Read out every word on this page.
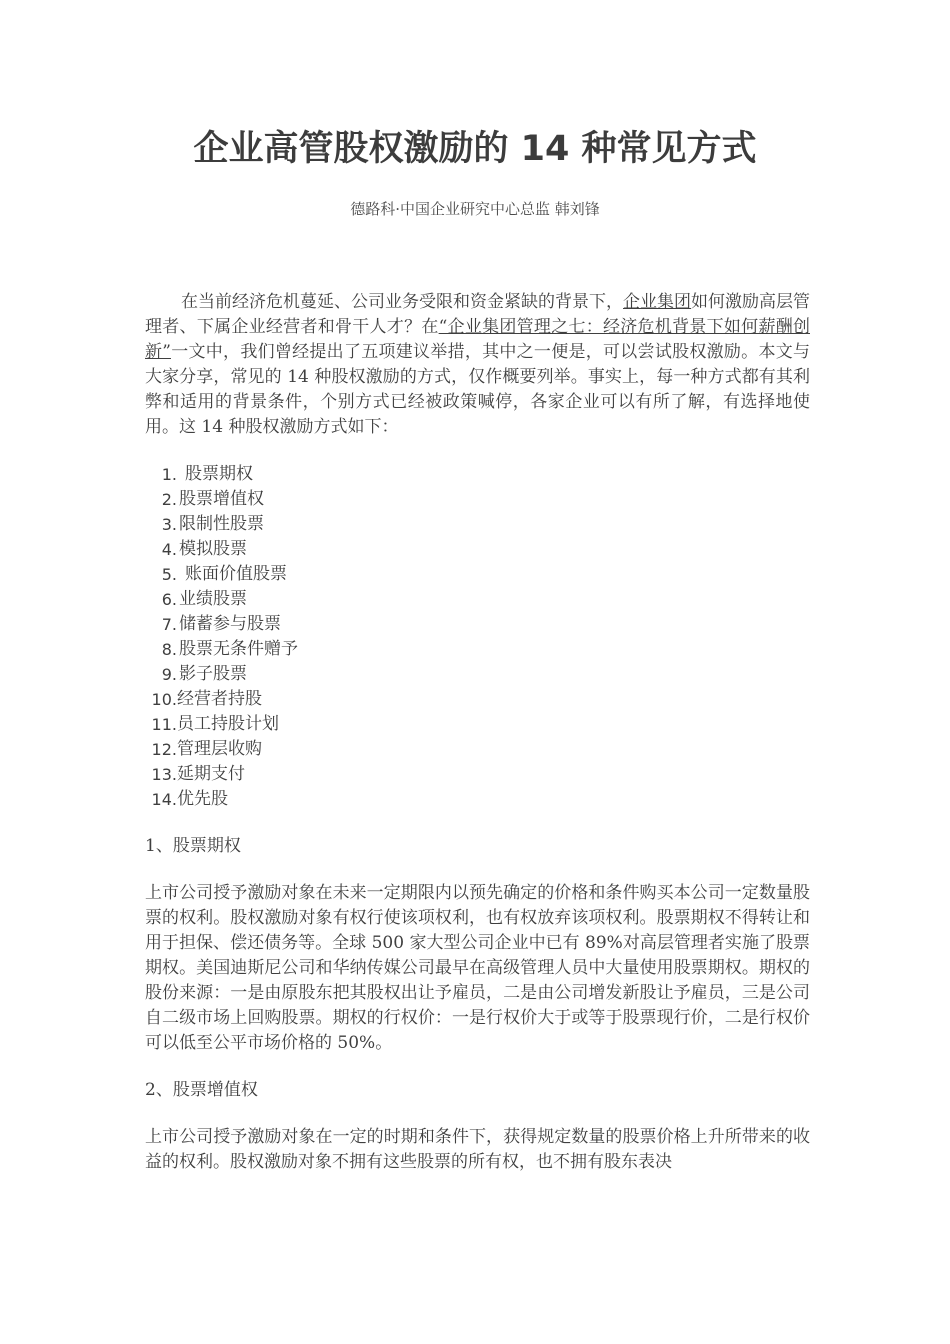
企业高管股权激励的 14 种常见方式

德路科·中国企业研究中心总监 韩刘锋

在当前经济危机蔓延、公司业务受限和资金紧缺的背景下，企业集团如何激励高层管理者、下属企业经营者和骨干人才？在“企业集团管理之七：经济危机背景下如何薪酬创新”一文中，我们曾经提出了五项建议举措，其中之一便是，可以尝试股权激励。本文与大家分享，常见的 14 种股权激励的方式，仅作概要列举。事实上，每一种方式都有其利弊和适用的背景条件，个别方式已经被政策喊停，各家企业可以有所了解，有选择地使用。这 14 种股权激励方式如下：

1. 股票期权
2. 股票增值权
3. 限制性股票
4. 模拟股票
5. 账面价值股票
6. 业绩股票
7. 储蓄参与股票
8. 股票无条件赠予
9. 影子股票
10. 经营者持股
11. 员工持股计划
12. 管理层收购
13. 延期支付
14. 优先股

1、股票期权

上市公司授予激励对象在未来一定期限内以预先确定的价格和条件购买本公司一定数量股票的权利。股权激励对象有权行使该项权利，也有权放弃该项权利。股票期权不得转让和用于担保、偿还债务等。全球 500 家大型公司企业中已有 89%对高层管理者实施了股票期权。美国迪斯尼公司和华纳传媒公司最早在高级管理人员中大量使用股票期权。期权的股份来源：一是由原股东把其股权出让予雇员，二是由公司增发新股让予雇员，三是公司自二级市场上回购股票。期权的行权价：一是行权价大于或等于股票现行价，二是行权价可以低至公平市场价格的 50%。

2、股票增值权

上市公司授予激励对象在一定的时期和条件下，获得规定数量的股票价格上升所带来的收益的权利。股权激励对象不拥有这些股票的所有权，也不拥有股东表决
